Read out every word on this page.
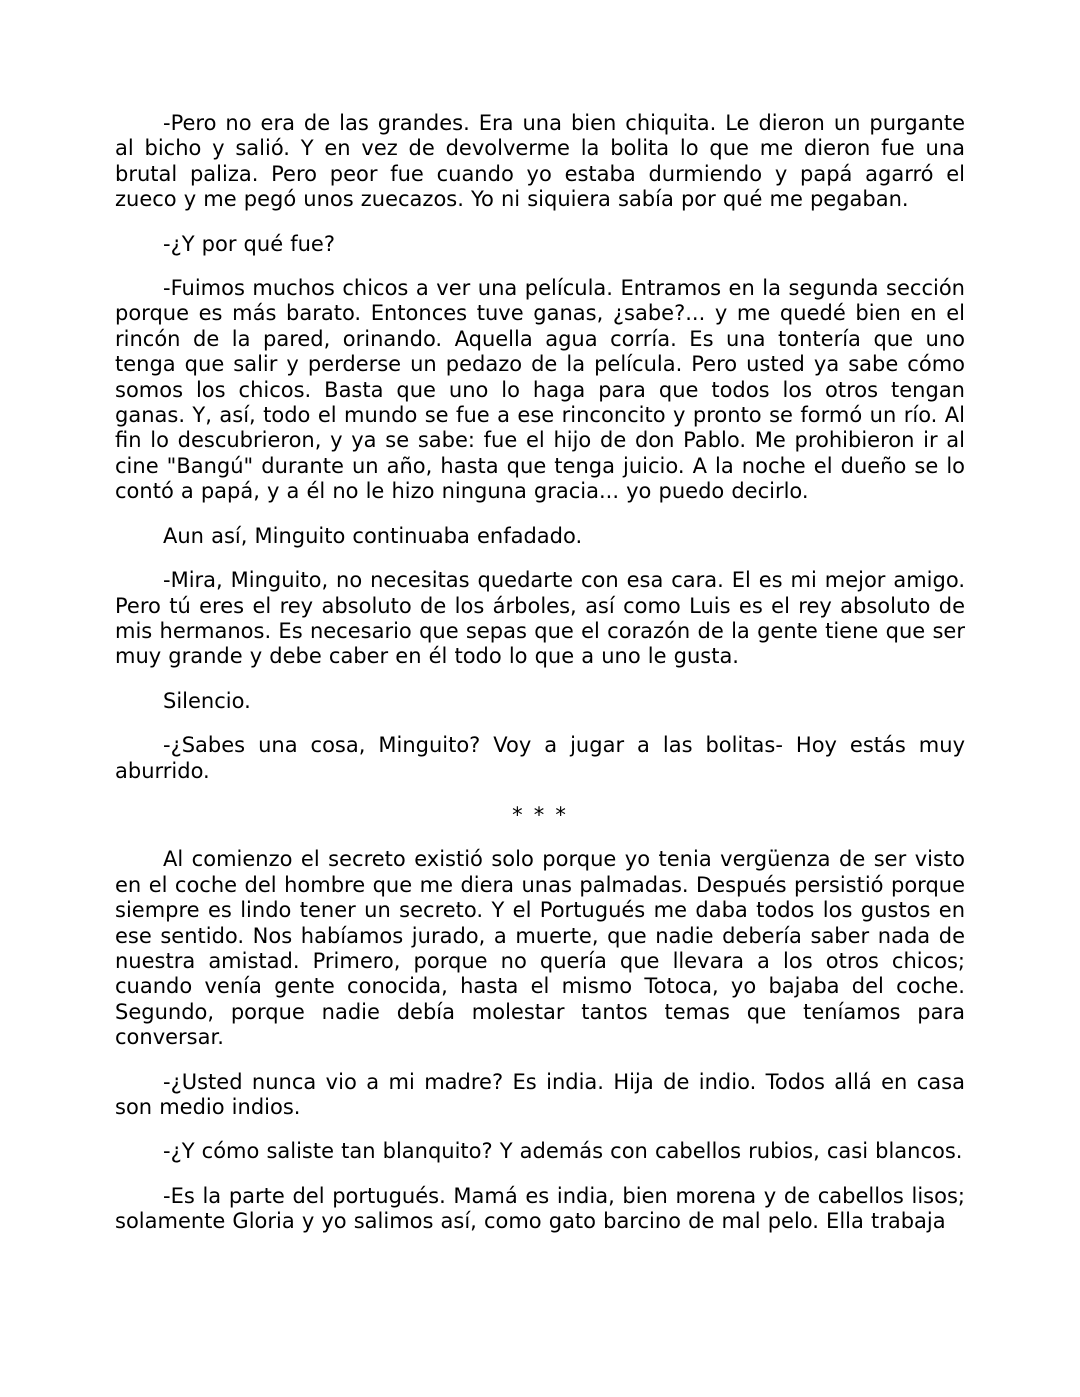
-Pero no era de las grandes. Era una bien chiquita. Le dieron un purgante al bicho y salió. Y en vez de devolverme la bolita lo que me dieron fue una brutal paliza. Pero peor fue cuando yo estaba durmiendo y papá agarró el zueco y me pegó unos zuecazos. Yo ni siquiera sabía por qué me pegaban.

-¿Y por qué fue?

-Fuimos muchos chicos a ver una película. Entramos en la segunda sección porque es más barato. Entonces tuve ganas, ¿sabe?... y me quedé bien en el rincón de la pared, orinando. Aquella agua corría. Es una tontería que uno tenga que salir y perderse un pedazo de la película. Pero usted ya sabe cómo somos los chicos. Basta que uno lo haga para que todos los otros tengan ganas. Y, así, todo el mundo se fue a ese rinconcito y pronto se formó un río. Al fin lo descubrieron, y ya se sabe: fue el hijo de don Pablo. Me prohibieron ir al cine "Bangú" durante un año, hasta que tenga juicio. A la noche el dueño se lo contó a papá, y a él no le hizo ninguna gracia... yo puedo decirlo.

Aun así, Minguito continuaba enfadado.

-Mira, Minguito, no necesitas quedarte con esa cara. El es mi mejor amigo. Pero tú eres el rey absoluto de los árboles, así como Luis es el rey absoluto de mis hermanos. Es necesario que sepas que el corazón de la gente tiene que ser muy grande y debe caber en él todo lo que a uno le gusta.

Silencio.

-¿Sabes una cosa, Minguito? Voy a jugar a las bolitas- Hoy estás muy aburrido.

* * *

Al comienzo el secreto existió solo porque yo tenia vergüenza de ser visto en el coche del hombre que me diera unas palmadas. Después persistió porque siempre es lindo tener un secreto. Y el Portugués me daba todos los gustos en ese sentido. Nos habíamos jurado, a muerte, que nadie debería saber nada de nuestra amistad. Primero, porque no quería que llevara a los otros chicos; cuando venía gente conocida, hasta el mismo Totoca, yo bajaba del coche. Segundo, porque nadie debía molestar tantos temas que teníamos para conversar.

-¿Usted nunca vio a mi madre? Es india. Hija de indio. Todos allá en casa son medio indios.

-¿Y cómo saliste tan blanquito? Y además con cabellos rubios, casi blancos.

-Es la parte del portugués. Mamá es india, bien morena y de cabellos lisos; solamente Gloria y yo salimos así, como gato barcino de mal pelo. Ella trabaja
